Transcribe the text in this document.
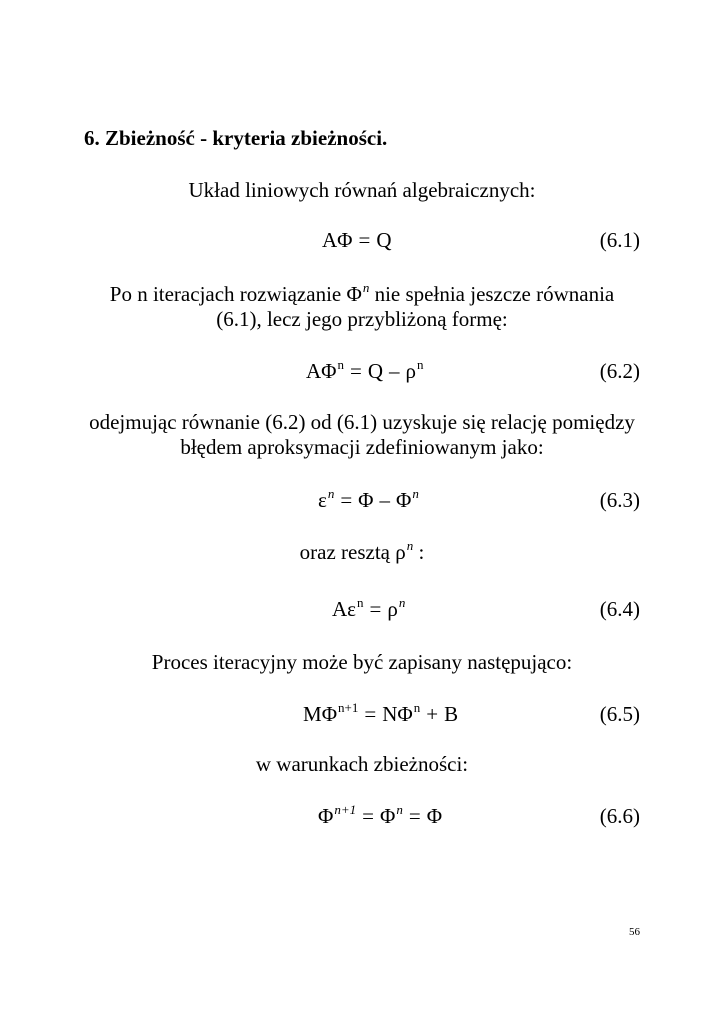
6. Zbieżność - kryteria zbieżności.
Układ liniowych równań algebraicznych:
AΦ = Q	(6.1)
Po n iteracjach rozwiązanie $\Phi^n$ nie spełnia jeszcze równania
(6.1), lecz jego przybliżoną formę:
$A\Phi^n = Q - \rho^n$	(6.2)
odejmując równanie (6.2) od (6.1) uzyskuje się relację pomiędzy
błędem aproksymacji zdefiniowanym jako:
$\varepsilon^n = \Phi - \Phi^n$	(6.3)
oraz resztą $\rho^n$ :
$A\varepsilon^n = \rho^n$	(6.4)
Proces iteracyjny może być zapisany następująco:
$M\Phi^{n+1} = N\Phi^n + B$	(6.5)
w warunkach zbieżności:
$\Phi^{n+1} = \Phi^n = \Phi$	(6.6)
56
